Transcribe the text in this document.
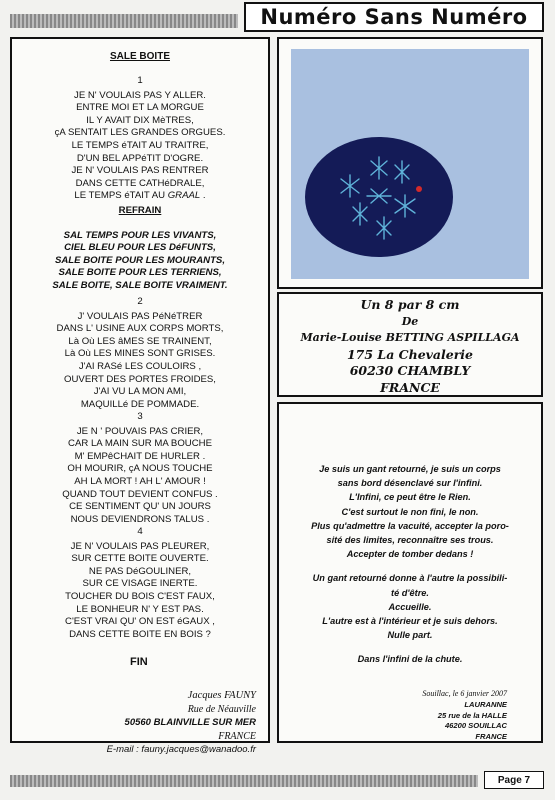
Numéro Sans Numéro
SALE BOITE
1
JE N' VOULAIS PAS Y ALLER.
ENTRE MOI ET LA MORGUE
IL Y AVAIT DIX MèTRES,
çA SENTAIT LES GRANDES ORGUES.
LE TEMPS éTAIT AU TRAITRE,
D'UN BEL APPéTIT D'OGRE.
JE N' VOULAIS PAS RENTRER
DANS CETTE CATHéDRALE,
LE TEMPS éTAIT AU GRAAL .
REFRAIN
SAL TEMPS POUR LES VIVANTS,
CIEL BLEU POUR LES DéFUNTS,
SALE BOITE POUR LES MOURANTS,
SALE BOITE POUR LES TERRIENS,
SALE BOITE, SALE BOITE VRAIMENT.
2
J' VOULAIS PAS PéNéTRER
DANS L' USINE AUX CORPS MORTS,
Là Où LES âMES SE TRAINENT,
Là Où LES MINES SONT GRISES.
J'AI RASé LES COULOIRS ,
OUVERT DES PORTES FROIDES,
J'AI VU LA MON AMI,
MAQUILLé DE POMMADE.
3
JE N ' POUVAIS PAS CRIER,
CAR LA MAIN SUR MA BOUCHE
M' EMPêCHAIT DE HURLER .
OH MOURIR, çA NOUS TOUCHE
AH LA MORT ! AH L' AMOUR !
QUAND TOUT DEVIENT CONFUS .
CE SENTIMENT QU' UN JOURS
NOUS DEVIENDRONS TALUS .
4
JE N' VOULAIS PAS PLEURER,
SUR CETTE BOITE OUVERTE.
NE PAS DéGOULINER,
SUR CE VISAGE INERTE.
TOUCHER DU BOIS C'EST FAUX,
LE BONHEUR N' Y EST PAS.
C'EST VRAI QU' ON EST éGAUX ,
DANS CETTE BOITE EN BOIS ?
FIN
Jacques FAUNY
Rue de Néauville
50560 BLAINVILLE SUR MER
FRANCE
E-mail : fauny.jacques@wanadoo.fr
Un 8 par 8 cm
De
Marie-Louise BETTING ASPILLAGA
175 La Chevalerie
60230 CHAMBLY
FRANCE
Je suis un gant retourné, je suis un corps
sans bord désenclavé sur l'infini.
L'Infini, ce peut être le Rien.
C'est surtout le non fini, le non.
Plus qu'admettre la vacuité, accepter la poro-
sité des limites, reconnaître ses trous.
Accepter de tomber dedans !
Un gant retourné donne à l'autre la possibili-
té d'être.
Accueille.
L'autre est à l'intérieur et je suis dehors.
Nulle part.
Dans l'infini de la chute.
Souillac, le 6 janvier 2007
LAURANNE
25 rue de la HALLE
46200 SOUILLAC
FRANCE
Page 7
